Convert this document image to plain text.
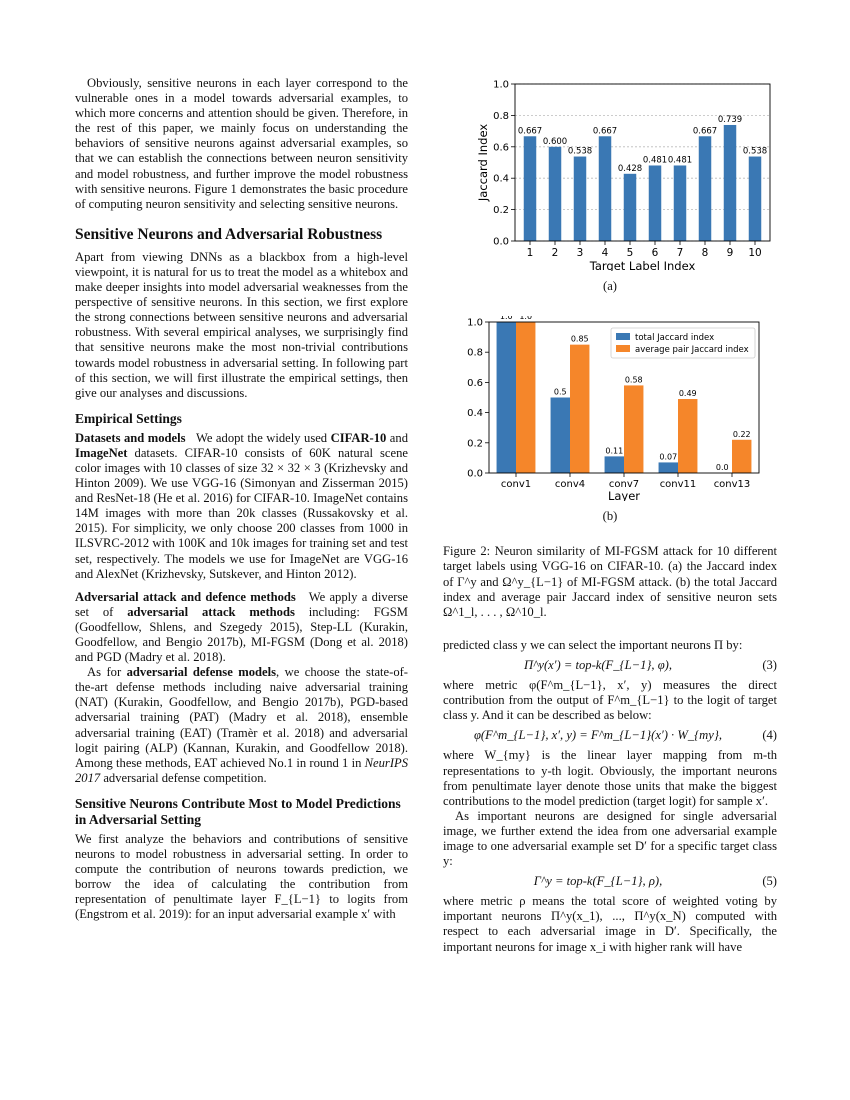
Obviously, sensitive neurons in each layer correspond to the vulnerable ones in a model towards adversarial examples, to which more concerns and attention should be given. Therefore, in the rest of this paper, we mainly focus on understanding the behaviors of sensitive neurons against adversarial examples, so that we can establish the connections between neuron sensitivity and model robustness, and further improve the model robustness with sensitive neurons. Figure 1 demonstrates the basic procedure of computing neuron sensitivity and selecting sensitive neurons.

Sensitive Neurons and Adversarial Robustness

Apart from viewing DNNs as a blackbox from a high-level viewpoint, it is natural for us to treat the model as a whitebox and make deeper insights into model adversarial weaknesses from the perspective of sensitive neurons. In this section, we first explore the strong connections between sensitive neurons and adversarial robustness. With several empirical analyses, we surprisingly find that sensitive neurons make the most non-trivial contributions towards model robustness in adversarial setting. In following part of this section, we will first illustrate the empirical settings, then give our analyses and discussions.

Empirical Settings

Datasets and models We adopt the widely used CIFAR-10 and ImageNet datasets. CIFAR-10 consists of 60K natural scene color images with 10 classes of size 32 × 32 × 3 (Krizhevsky and Hinton 2009). We use VGG-16 (Simonyan and Zisserman 2015) and ResNet-18 (He et al. 2016) for CIFAR-10. ImageNet contains 14M images with more than 20k classes (Russakovsky et al. 2015). For simplicity, we only choose 200 classes from 1000 in ILSVRC-2012 with 100K and 10k images for training set and test set, respectively. The models we use for ImageNet are VGG-16 and AlexNet (Krizhevsky, Sutskever, and Hinton 2012).

Adversarial attack and defence methods We apply a diverse set of adversarial attack methods including: FGSM (Goodfellow, Shlens, and Szegedy 2015), Step-LL (Kurakin, Goodfellow, and Bengio 2017b), MI-FGSM (Dong et al. 2018) and PGD (Madry et al. 2018).

As for adversarial defense models, we choose the state-of-the-art defense methods including naive adversarial training (NAT) (Kurakin, Goodfellow, and Bengio 2017b), PGD-based adversarial training (PAT) (Madry et al. 2018), ensemble adversarial training (EAT) (Tramèr et al. 2018) and adversarial logit pairing (ALP) (Kannan, Kurakin, and Goodfellow 2018). Among these methods, EAT achieved No.1 in round 1 in NeurIPS 2017 adversarial defense competition.

Sensitive Neurons Contribute Most to Model Predictions in Adversarial Setting

We first analyze the behaviors and contributions of sensitive neurons to model robustness in adversarial setting. In order to compute the contribution of neurons towards prediction, we borrow the idea of calculating the contribution from representation of penultimate layer F_{L−1} to logits from (Engstrom et al. 2019): for an input adversarial example x′ with

0.0
0.2
0.4
0.6
0.8
1.0
0.667
1
0.600
2
0.538
3
0.667
4
0.428
5
0.481
6
0.481
7
0.667
8
0.739
9
0.538
10
Target Label Index
Jaccard Index
(a)
0.0
0.2
0.4
0.6
0.8
1.0
1.0 1.0
conv1
0.5
0.85
conv4
0.11
0.58
conv7
0.07
0.49
conv11
0.0
0.22
conv13
Layer
total Jaccard index
average pair Jaccard index
(b)

Figure 2: Neuron similarity of MI-FGSM attack for 10 different target labels using VGG-16 on CIFAR-10. (a) the Jaccard index of Γ^y and Ω^y_{L−1} of MI-FGSM attack. (b) the total Jaccard index and average pair Jaccard index of sensitive neuron sets Ω^1_l, . . . , Ω^10_l.

predicted class y we can select the important neurons Π by:

Π^y(x′) = top-k(F_{L−1}, φ),	(3)

where metric φ(F^m_{L−1}, x′, y) measures the direct contribution from the output of F^m_{L−1} to the logit of target class y. And it can be described as below:

φ(F^m_{L−1}, x′, y) = F^m_{L−1}(x′) · W_{my},	(4)

where W_{my} is the linear layer mapping from m-th representations to y-th logit. Obviously, the important neurons from penultimate layer denote those units that make the biggest contributions to the model prediction (target logit) for sample x′.

As important neurons are designed for single adversarial image, we further extend the idea from one adversarial example image to one adversarial example set D′ for a specific target class y:

Γ^y = top-k(F_{L−1}, ρ),	(5)

where metric ρ means the total score of weighted voting by important neurons Π^y(x_1), ..., Π^y(x_N) computed with respect to each adversarial image in D′. Specifically, the important neurons for image x_i with higher rank will have
